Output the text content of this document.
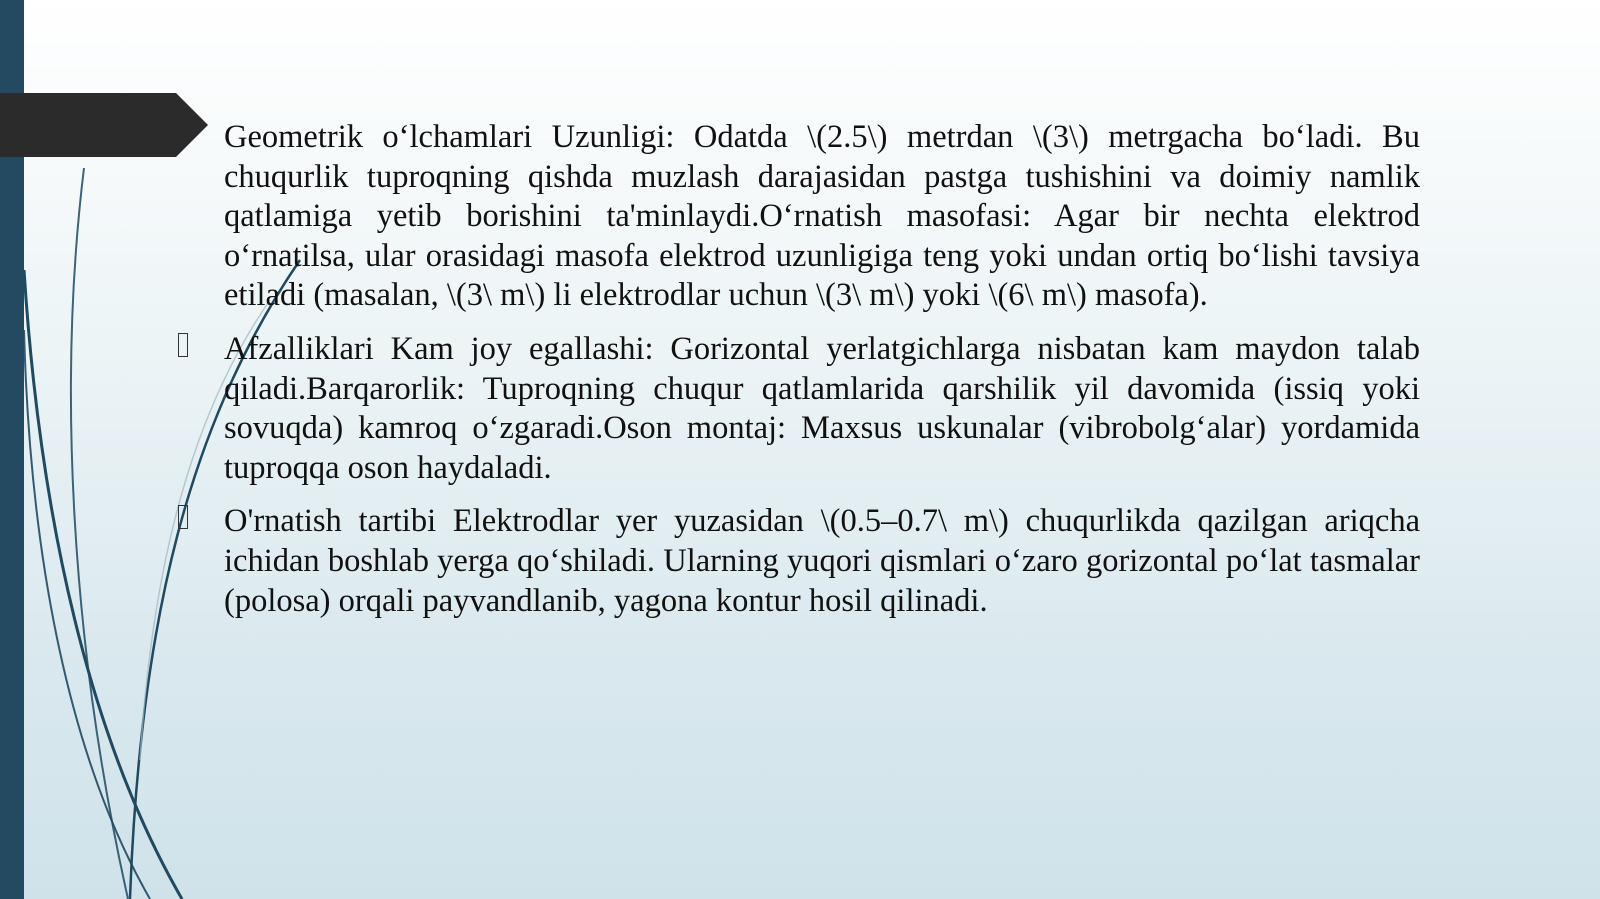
Geometrik o‘lchamlari Uzunligi: Odatda \(2.5\) metrdan \(3\) metrgacha bo‘ladi. Bu chuqurlik tuproqning qishda muzlash darajasidan pastga tushishini va doimiy namlik qatlamiga yetib borishini ta'minlaydi.O‘rnatish masofasi: Agar bir nechta elektrod o‘rnatilsa, ular orasidagi masofa elektrod uzunligiga teng yoki undan ortiq bo‘lishi tavsiya etiladi (masalan, \(3\ m\) li elektrodlar uchun \(3\ m\) yoki \(6\ m\) masofa).

Afzalliklari Kam joy egallashi: Gorizontal yerlatgichlarga nisbatan kam maydon talab qiladi.Barqarorlik: Tuproqning chuqur qatlamlarida qarshilik yil davomida (issiq yoki sovuqda) kamroq o‘zgaradi.Oson montaj: Maxsus uskunalar (vibrobolg‘alar) yordamida tuproqqa oson haydaladi.

O'rnatish tartibi Elektrodlar yer yuzasidan \(0.5–0.7\ m\) chuqurlikda qazilgan ariqcha ichidan boshlab yerga qo‘shiladi. Ularning yuqori qismlari o‘zaro gorizontal po‘lat tasmalar (polosa) orqali payvandlanib, yagona kontur hosil qilinadi.
